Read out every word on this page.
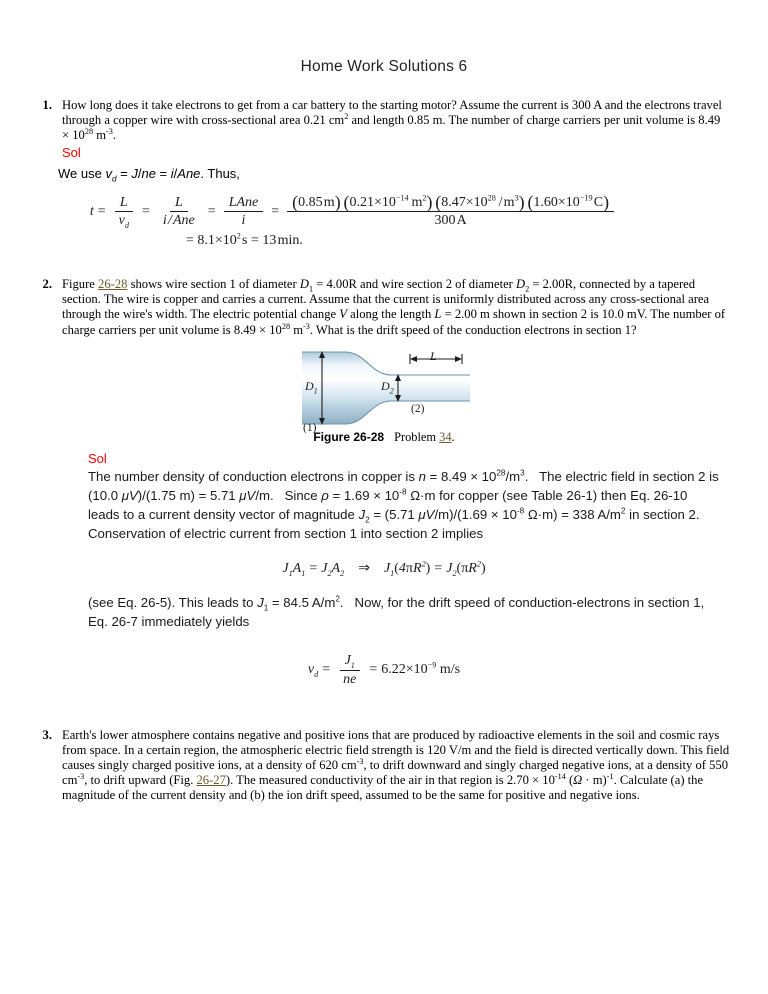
Home Work Solutions 6
1. How long does it take electrons to get from a car battery to the starting motor? Assume the current is 300 A and the electrons travel through a copper wire with cross-sectional area 0.21 $cm^2$ and length 0.85 m. The number of charge carriers per unit volume is $8.49 \times 10^{28}$ $m^{-3}$.

Sol
We use $v_d = J/ne = i/Ane$. Thus,
$t = \frac{L}{v_d} = \frac{L}{\text{i / Ane}} = \frac{\text{LAne}}{i} = \frac{(0.85 m) (0.21\times 10^{-14} m^2) (8.47\times 10^{28} / m^3) (1.60\times 10^{-19} C)}{300 A}$
= $8.1\times 10^2$ s = 13 min.
2. Figure 26-28 shows wire section 1 of diameter $D_1 = 4.00R$ and wire section 2 of diameter $D_2 = 2.00R$, connected by a tapered section. The wire is copper and carries a current. Assume that the current is uniformly distributed across any cross-sectional area through the wire's width. The electric potential change V along the length L = 2.00 m shown in section 2 is 10.0 mV. The number of charge carriers per unit volume is $8.49 \times 10^{28}$ $m^{-3}$. What is the drift speed of the conduction electrons in section 1?

$D_1$	$D_2$
L
(1)
(2)
Figure 26-28 Problem 34.
Sol

The number density of conduction electrons in copper is $n = 8.49 \times 10^{28}/m^3$.   The electric field in section 2 is (10.0 μV)/(1.75 m) = 5.71 μV/m.   Since $\rho = 1.69 \times 10^{-8}$ Ω·m for copper (see Table 26-1) then Eq. 26-10 leads to a current density vector of magnitude $J_2 = (5.71$ $\mu V/m)/(1.69 \times 10^{-8}$ Ω·m) = 338 $A/m^2$ in section 2.   Conservation of electric current from section 1 into section 2 implies

$J_1A_1 = J_2A_2$	⇒	$J_1(4\pi R^2) = J_2(\pi R^2)$

(see Eq. 26-5). This leads to $J_1 = 84.5$ $A/m^2$.   Now, for the drift speed of conduction-electrons in section 1, Eq. 26-7 immediately yields

$v_d = \frac{J_1}{ne} = 6.22\times 10^{-9}$ m/s
3. Earth's lower atmosphere contains negative and positive ions that are produced by radioactive elements in the soil and cosmic rays from space. In a certain region, the atmospheric electric field strength is 120 V/m and the field is directed vertically down. This field causes singly charged positive ions, at a density of 620 $cm^{-3}$, to drift downward and singly charged negative ions, at a density of 550 $cm^{-3}$, to drift upward (Fig. 26-27). The measured conductivity of the air in that region is $2.70 \times 10^{-14}$ $(\Omega \cdot m)^{-1}$. Calculate (a) the magnitude of the current density and (b) the ion drift speed, assumed to be the same for positive and negative ions.
